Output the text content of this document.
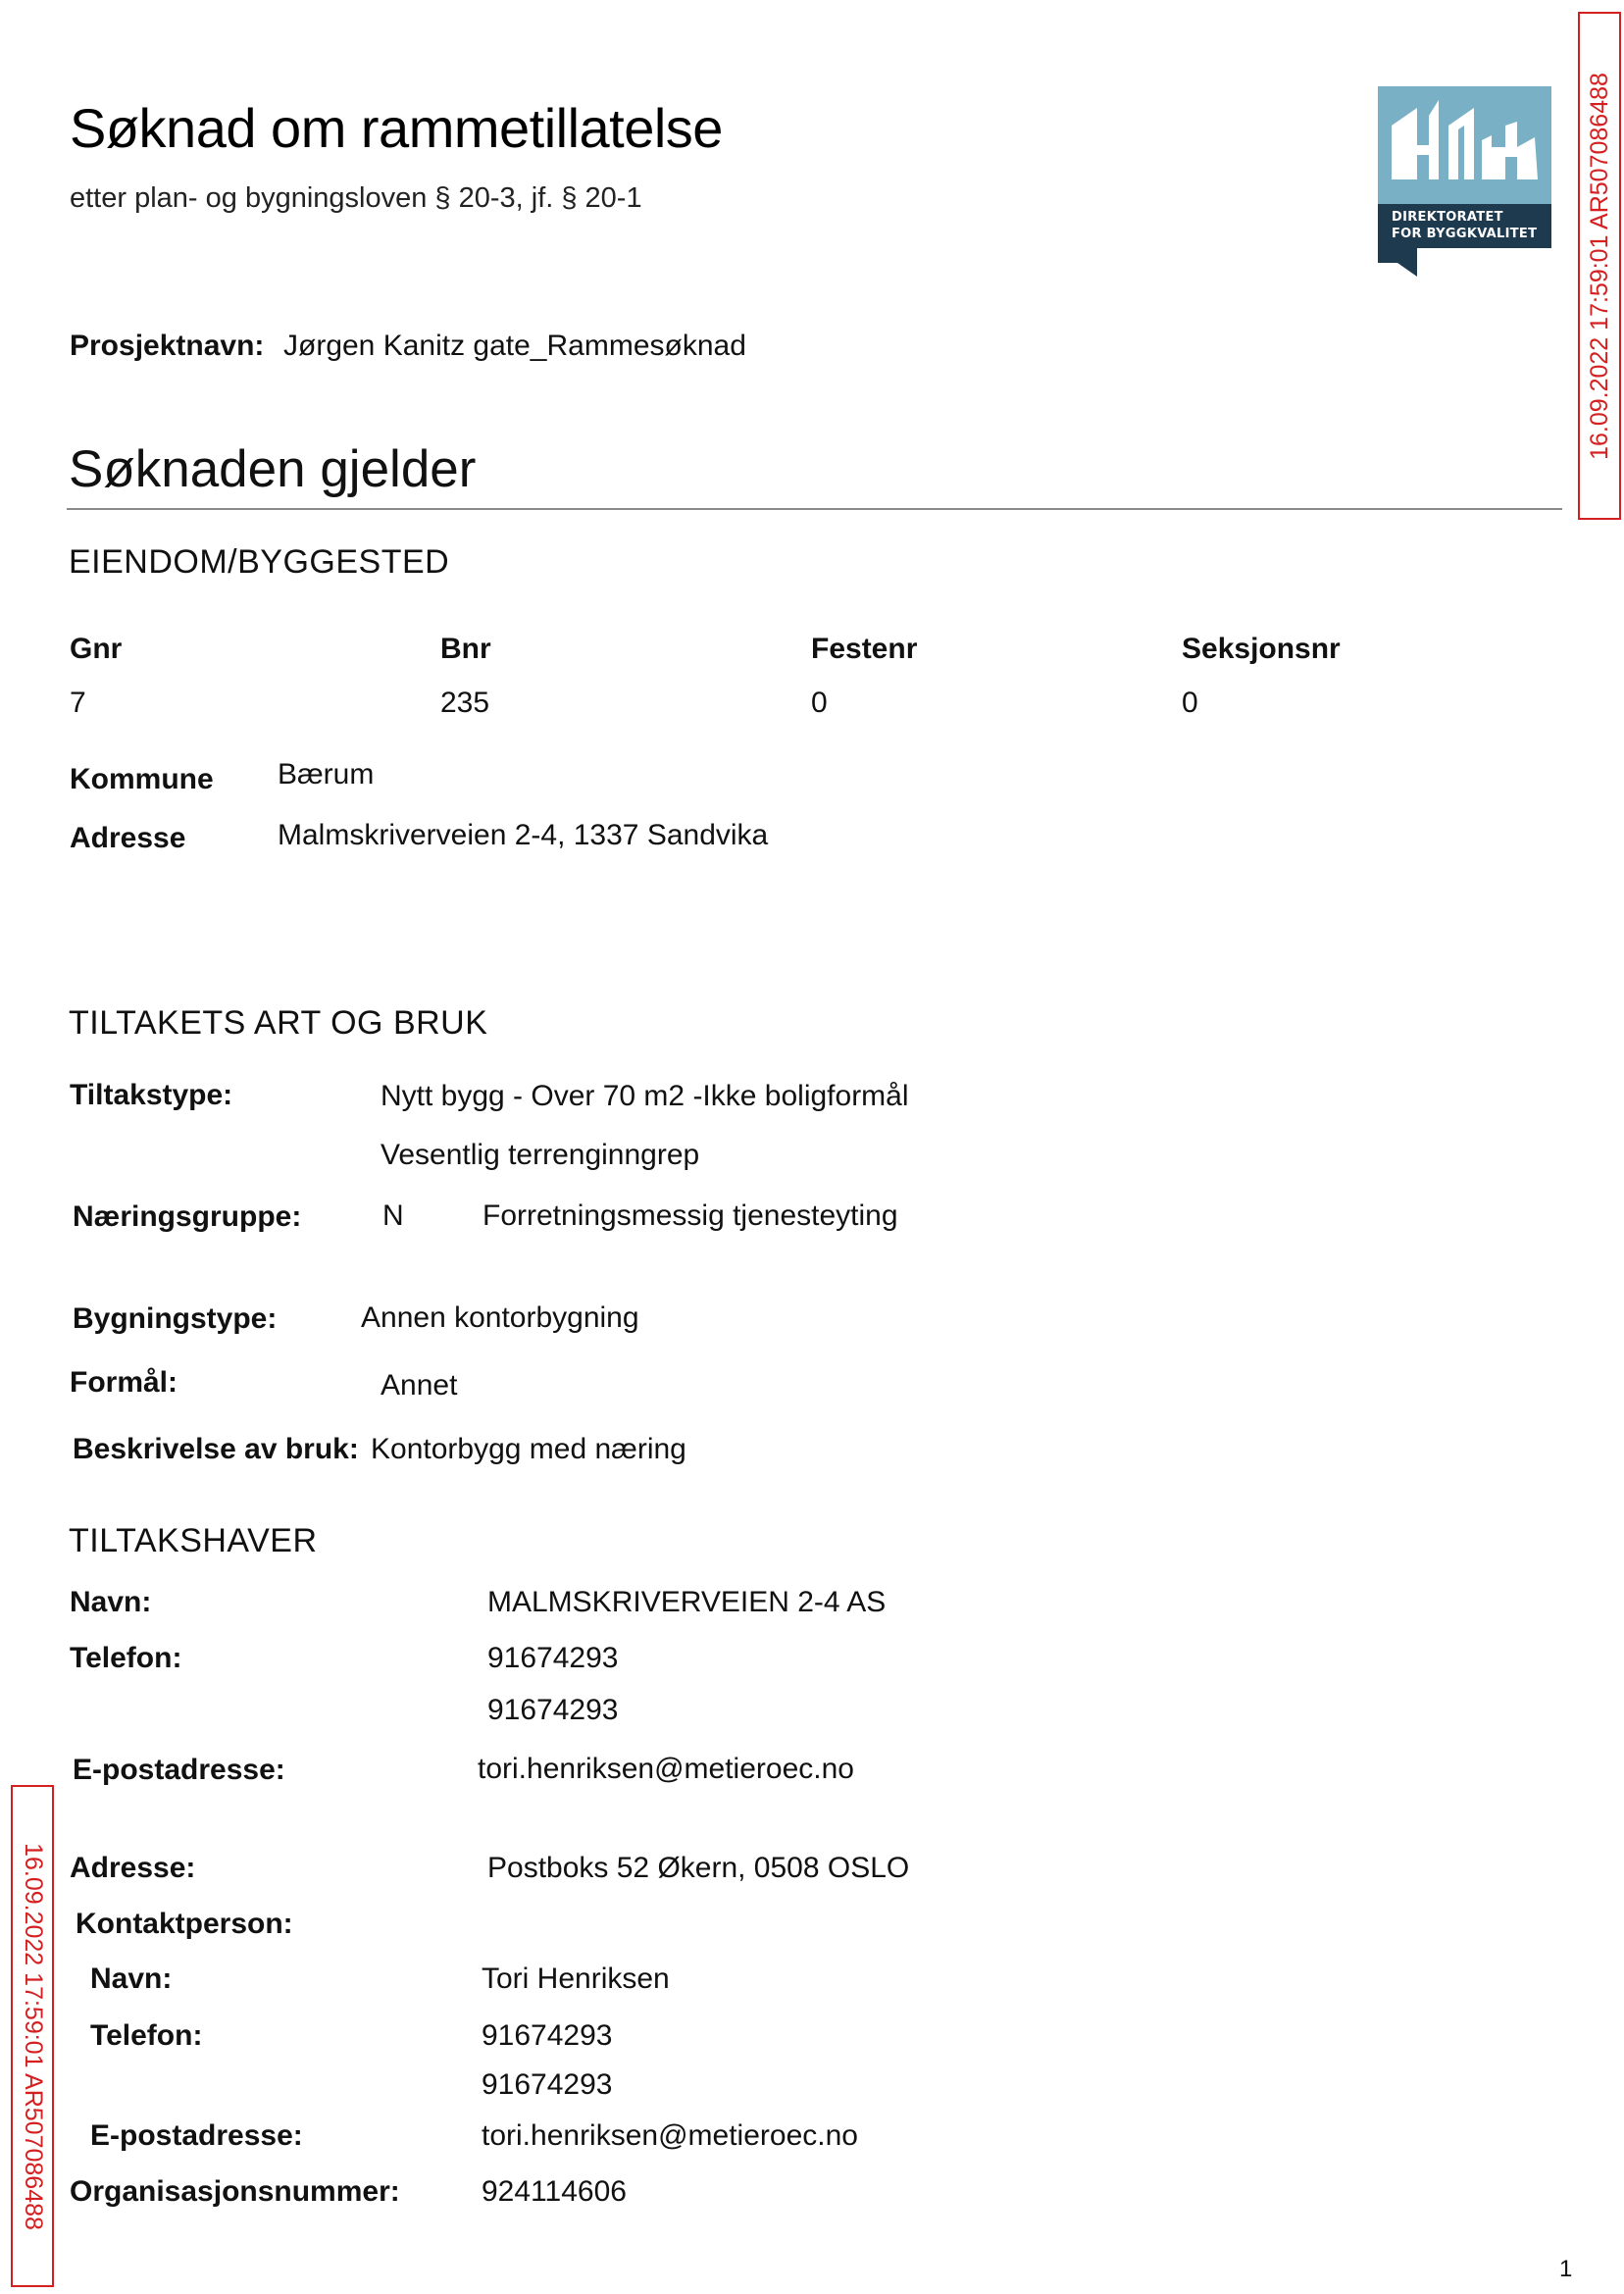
Søknad om rammetillatelse
etter plan- og bygningsloven § 20-3, jf. § 20-1
DIREKTORATET
FOR BYGGKVALITET 16.09.2022 17:59:01 AR507086488
16.09.2022 17:59:01 AR507086488
Prosjektnavn: Jørgen Kanitz gate_Rammesøknad
Søknaden gjelder
EIENDOM/BYGGESTED
Gnr	Bnr	Festenr	Seksjonsnr
7	235	0	0
Kommune Bærum
Adresse	Malmskriverveien 2-4, 1337 Sandvika
TILTAKETS ART OG BRUK
Tiltakstype:	Nytt bygg - Over 70 m2 -Ikke boligformål
Vesentlig terrenginngrep
Næringsgruppe:	N	Forretningsmessig tjenesteyting
Bygningstype:	Annen kontorbygning
Formål:	Annet
Beskrivelse av bruk: Kontorbygg med næring
TILTAKSHAVER
Navn:	MALMSKRIVERVEIEN 2-4 AS
Telefon:	91674293
91674293
E-postadresse:	tori.henriksen@metieroec.no
Adresse:	Postboks 52 Økern, 0508 OSLO
Kontaktperson:
Navn:	Tori Henriksen
Telefon:	91674293
91674293
E-postadresse:	tori.henriksen@metieroec.no
Organisasjonsnummer:	924114606
1
